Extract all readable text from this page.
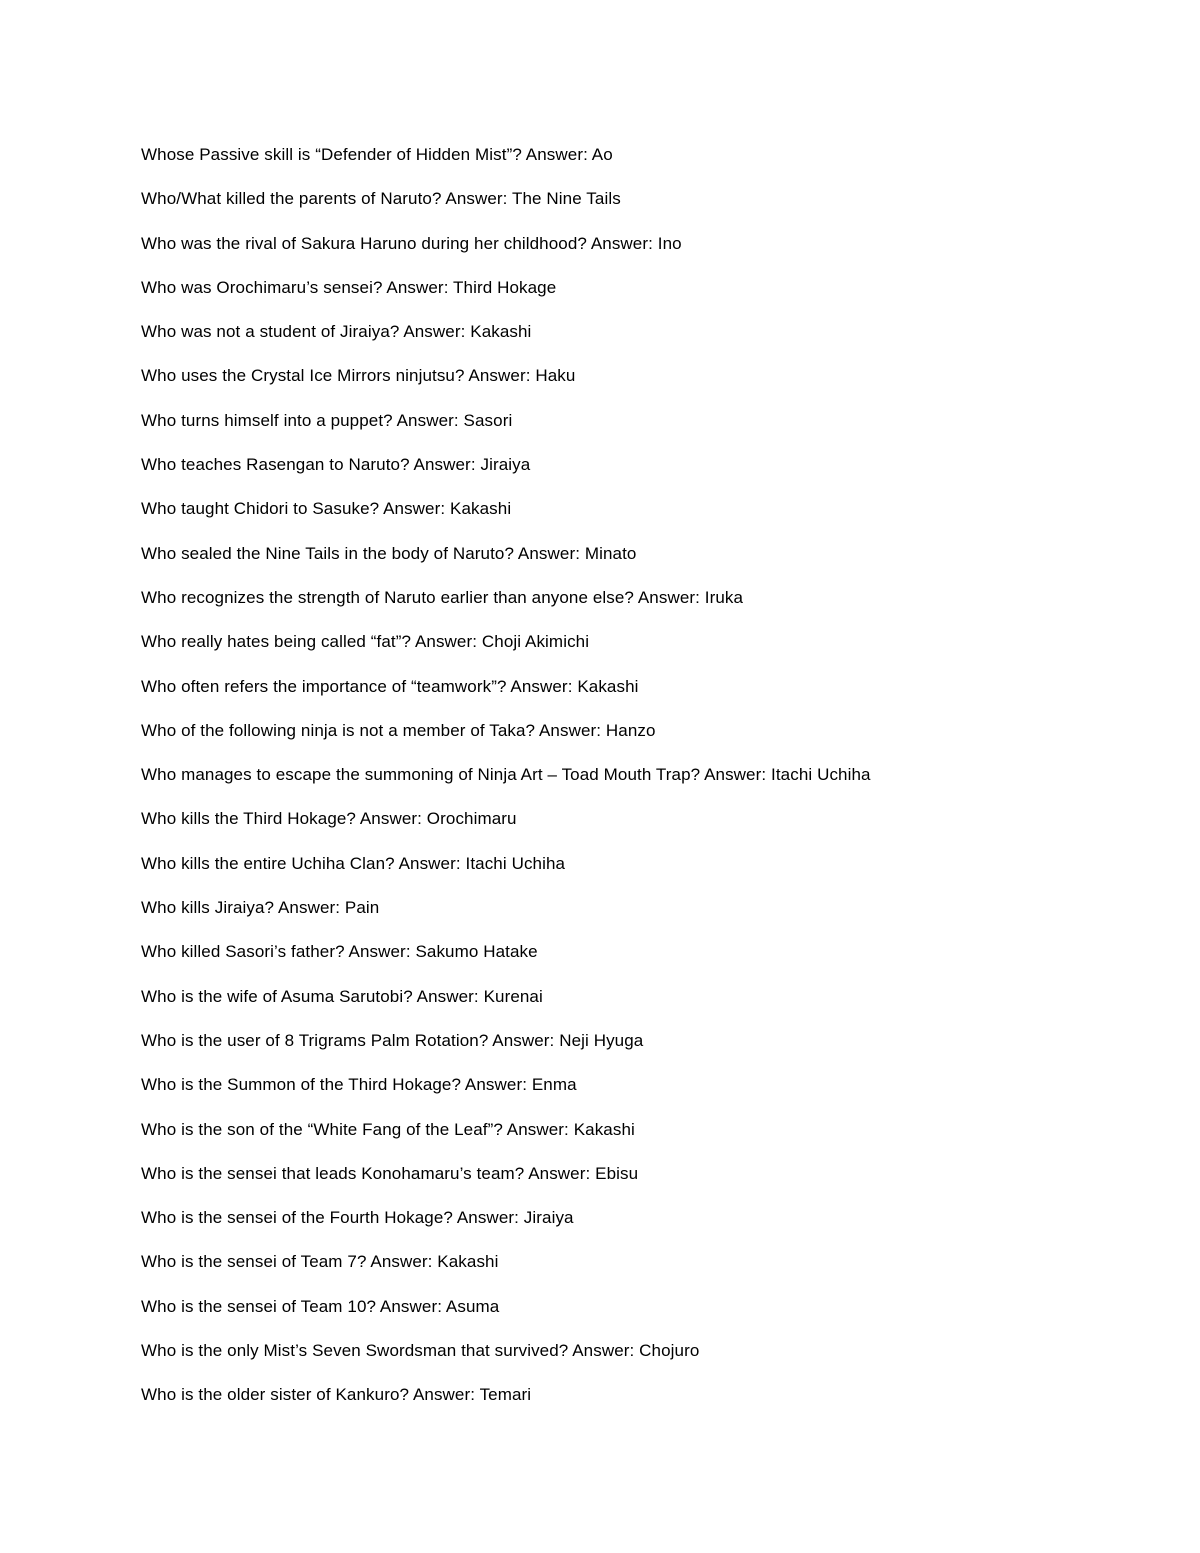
Whose Passive skill is “Defender of Hidden Mist”? Answer: Ao
Who/What killed the parents of Naruto? Answer: The Nine Tails
Who was the rival of Sakura Haruno during her childhood? Answer: Ino
Who was Orochimaru’s sensei? Answer: Third Hokage
Who was not a student of Jiraiya? Answer: Kakashi
Who uses the Crystal Ice Mirrors ninjutsu? Answer: Haku
Who turns himself into a puppet? Answer: Sasori
Who teaches Rasengan to Naruto? Answer: Jiraiya
Who taught Chidori to Sasuke? Answer: Kakashi
Who sealed the Nine Tails in the body of Naruto? Answer: Minato
Who recognizes the strength of Naruto earlier than anyone else? Answer: Iruka
Who really hates being called “fat”? Answer: Choji Akimichi
Who often refers the importance of “teamwork”? Answer: Kakashi
Who of the following ninja is not a member of Taka? Answer: Hanzo
Who manages to escape the summoning of Ninja Art – Toad Mouth Trap? Answer: Itachi Uchiha
Who kills the Third Hokage? Answer: Orochimaru
Who kills the entire Uchiha Clan? Answer: Itachi Uchiha
Who kills Jiraiya? Answer: Pain
Who killed Sasori’s father? Answer: Sakumo Hatake
Who is the wife of Asuma Sarutobi? Answer: Kurenai
Who is the user of 8 Trigrams Palm Rotation? Answer: Neji Hyuga
Who is the Summon of the Third Hokage? Answer: Enma
Who is the son of the “White Fang of the Leaf”? Answer: Kakashi
Who is the sensei that leads Konohamaru’s team? Answer: Ebisu
Who is the sensei of the Fourth Hokage? Answer: Jiraiya
Who is the sensei of Team 7? Answer: Kakashi
Who is the sensei of Team 10? Answer: Asuma
Who is the only Mist’s Seven Swordsman that survived? Answer: Chojuro
Who is the older sister of Kankuro? Answer: Temari
